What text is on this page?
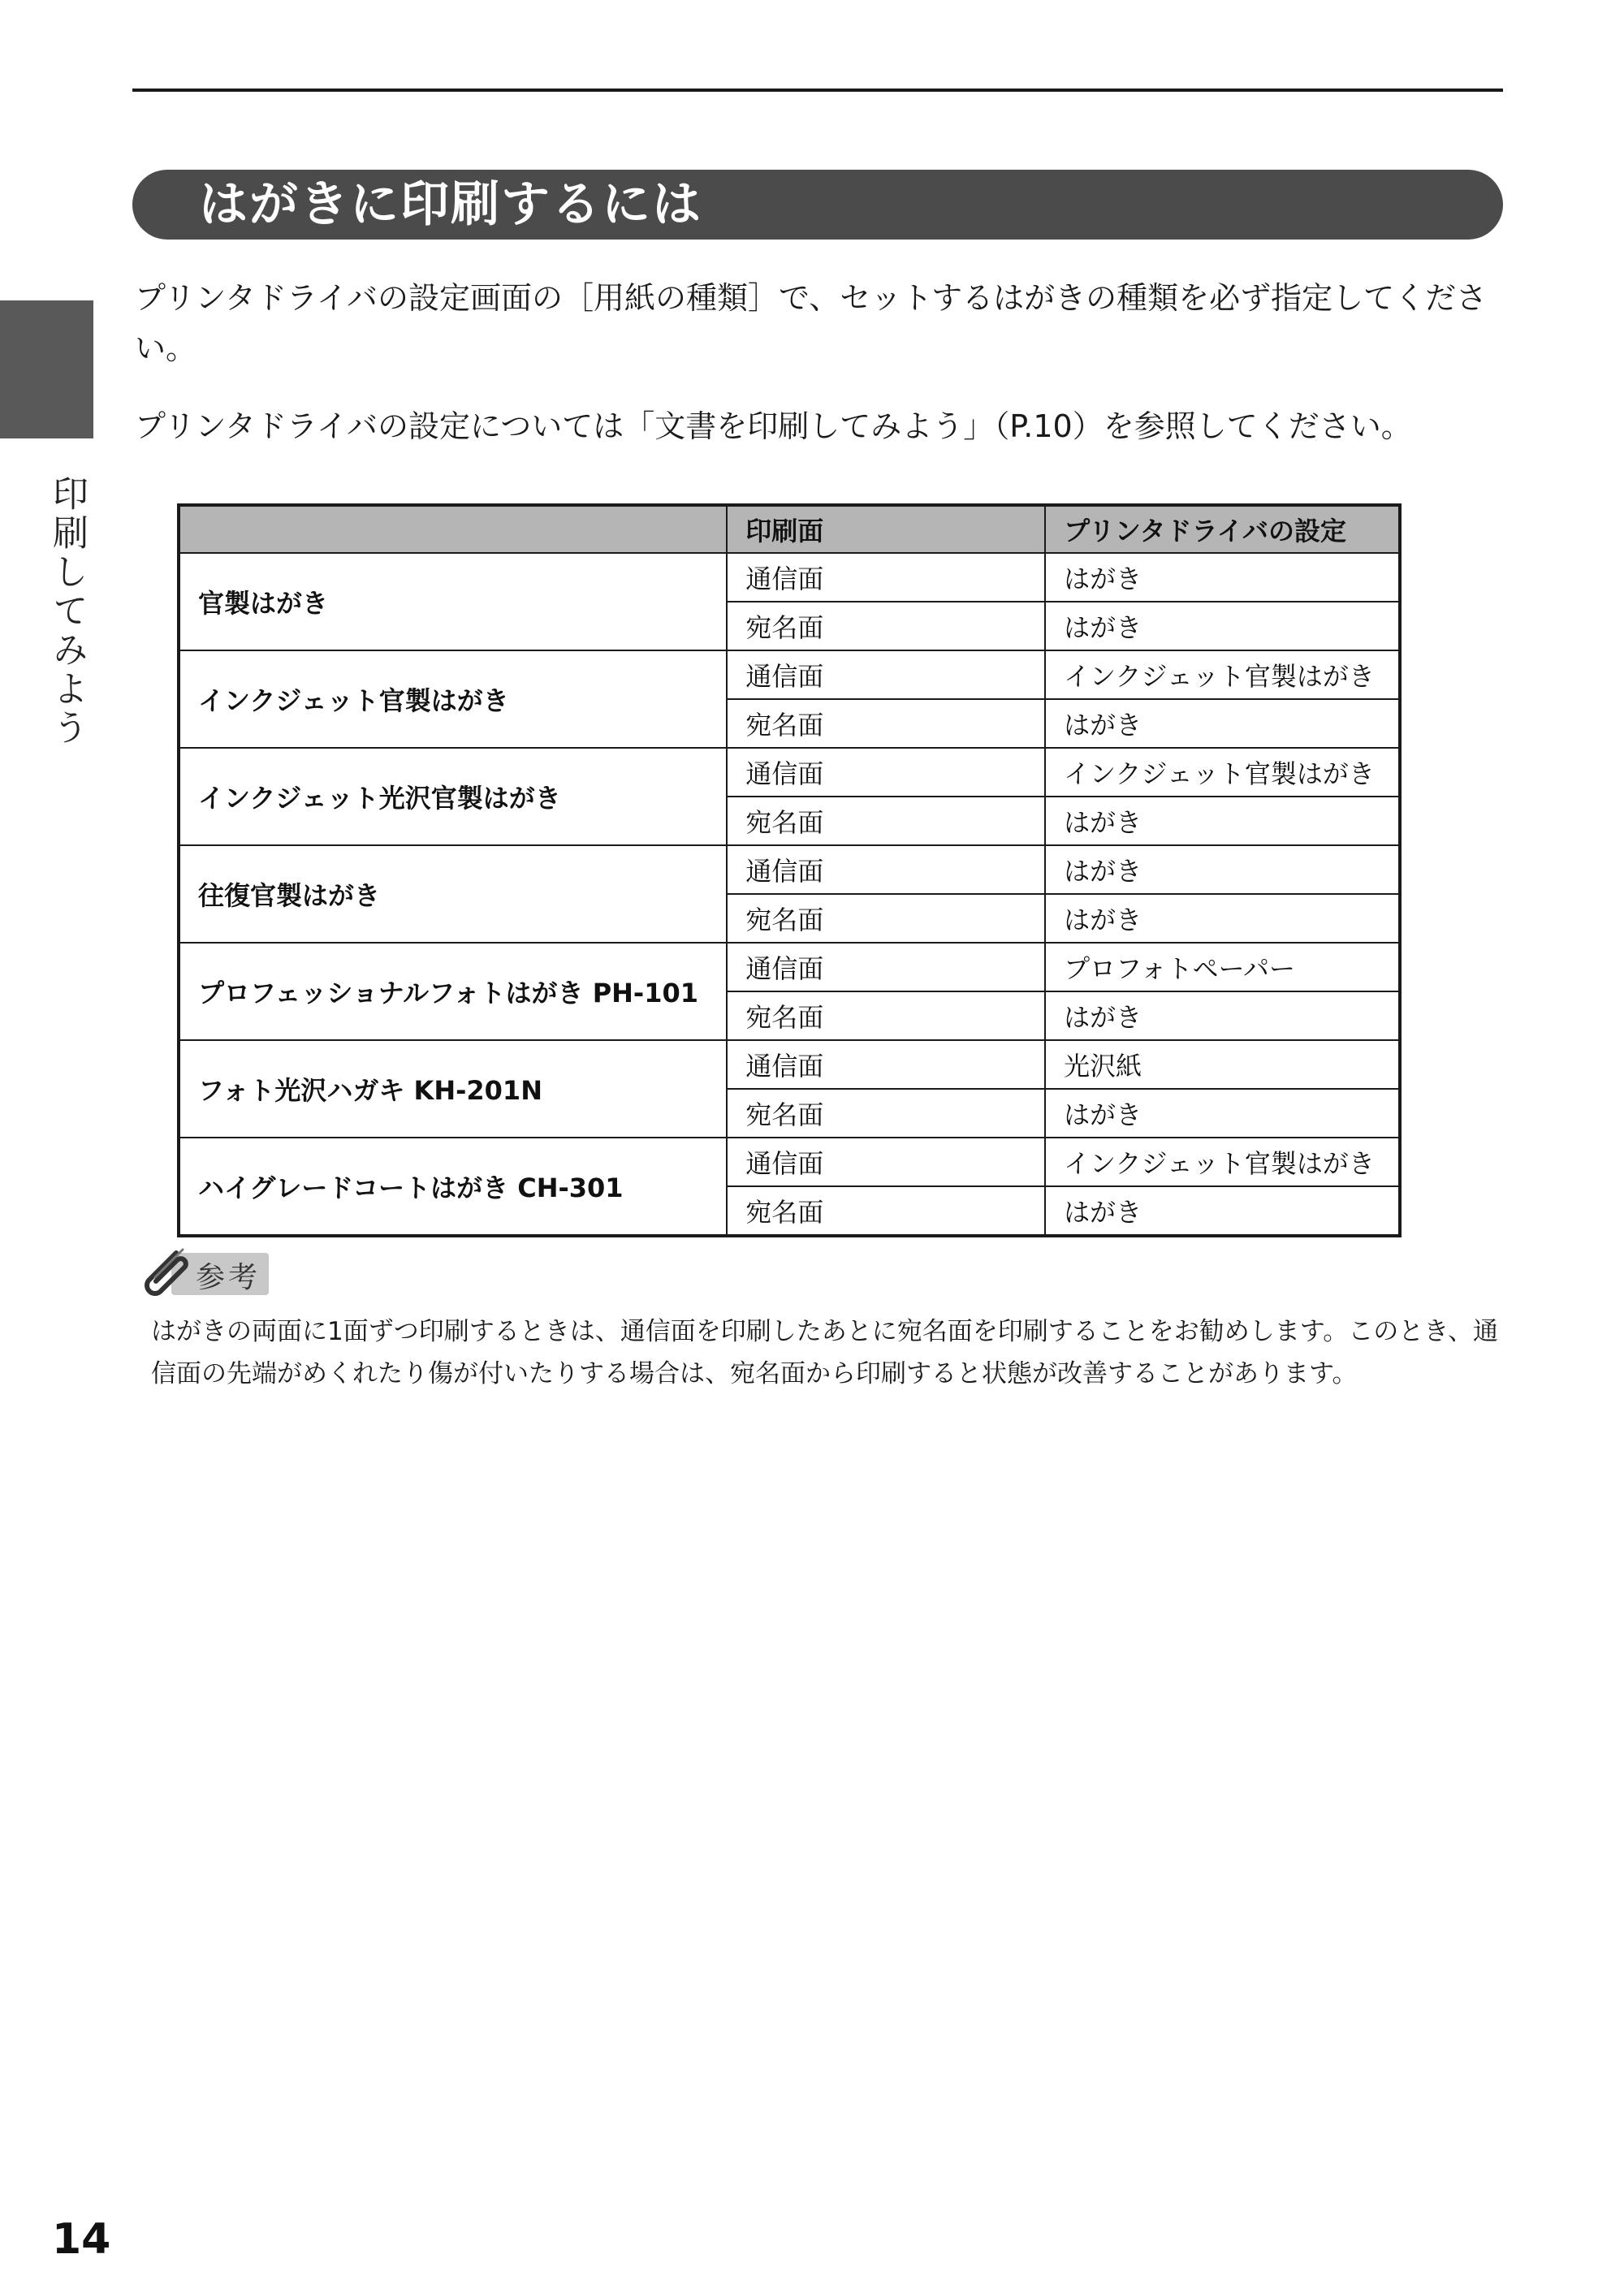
はがきに印刷するには
印刷してみよう
プリンタドライバの設定画面の［用紙の種類］で、セットするはがきの種類を必ず指定してください。
プリンタドライバの設定については「文書を印刷してみよう」（P.10）を参照してください。
	印刷面	プリンタドライバの設定
官製はがき	通信面	はがき
	宛名面	はがき
インクジェット官製はがき	通信面	インクジェット官製はがき
	宛名面	はがき
インクジェット光沢官製はがき	通信面	インクジェット官製はがき
	宛名面	はがき
往復官製はがき	通信面	はがき
	宛名面	はがき
プロフェッショナルフォトはがき PH-101	通信面	プロフォトペーパー
	宛名面	はがき
フォト光沢ハガキ KH-201N	通信面	光沢紙
	宛名面	はがき
ハイグレードコートはがき CH-301	通信面	インクジェット官製はがき
	宛名面	はがき
参考
はがきの両面に1面ずつ印刷するときは、通信面を印刷したあとに宛名面を印刷することをお勧めします。このとき、通信面の先端がめくれたり傷が付いたりする場合は、宛名面から印刷すると状態が改善することがあります。
14
